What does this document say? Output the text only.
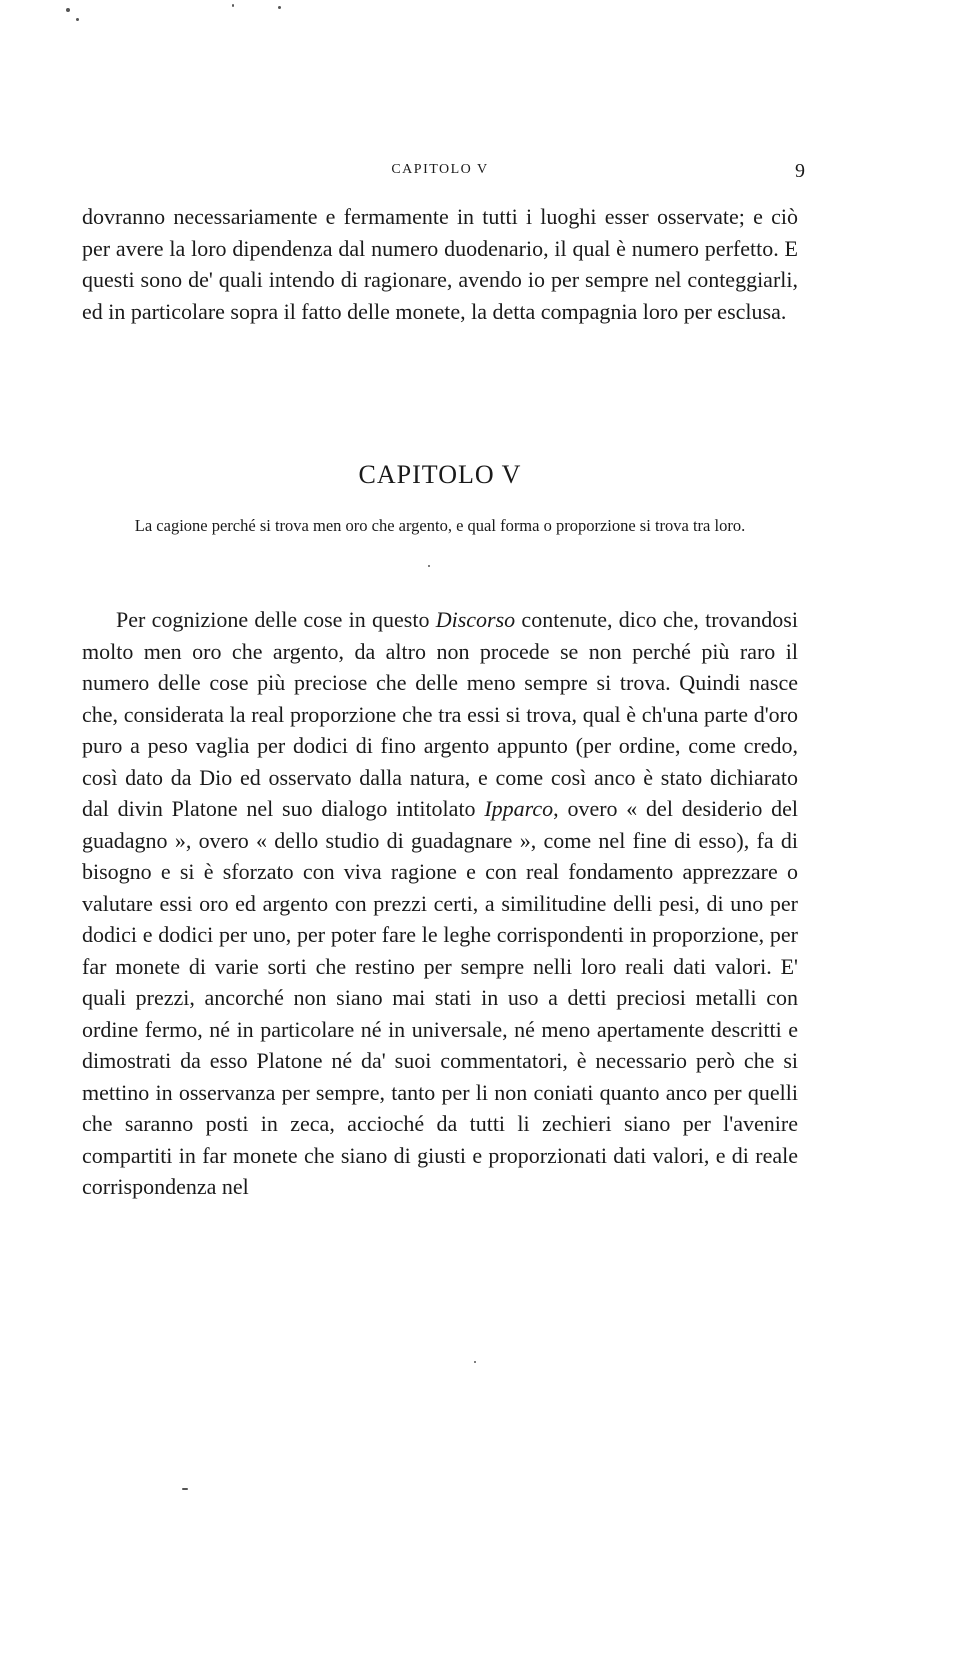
CAPITOLO V	9

dovranno necessariamente e fermamente in tutti i luoghi esser osservate; e ciò per avere la loro dipendenza dal numero duodenario, il qual è numero perfetto. E questi sono de' quali intendo di ragionare, avendo io per sempre nel conteggiarli, ed in particolare sopra il fatto delle monete, la detta compagnia loro per esclusa.

CAPITOLO V
La cagione perché si trova men oro che argento, e qual forma o proporzione si trova tra loro.

Per cognizione delle cose in questo Discorso contenute, dico che, trovandosi molto men oro che argento, da altro non procede se non perché più raro il numero delle cose più preciose che delle meno sempre si trova. Quindi nasce che, considerata la real proporzione che tra essi si trova, qual è ch'una parte d'oro puro a peso vaglia per dodici di fino argento appunto (per ordine, come credo, così dato da Dio ed osservato dalla natura, e come così anco è stato dichiarato dal divin Platone nel suo dialogo intitolato Ipparco, overo « del desiderio del guadagno », overo « dello studio di guadagnare », come nel fine di esso), fa di bisogno e si è sforzato con viva ragione e con real fondamento apprezzare o valutare essi oro ed argento con prezzi certi, a similitudine delli pesi, di uno per dodici e dodici per uno, per poter fare le leghe corrispondenti in proporzione, per far monete di varie sorti che restino per sempre nelli loro reali dati valori. E' quali prezzi, ancorché non siano mai stati in uso a detti preciosi metalli con ordine fermo, né in particolare né in universale, né meno apertamente descritti e dimostrati da esso Platone né da' suoi commentatori, è necessario però che si mettino in osservanza per sempre, tanto per li non coniati quanto anco per quelli che saranno posti in zeca, accioché da tutti li zechieri siano per l'avenire compartiti in far monete che siano di giusti e proporzionati dati valori, e di reale corrispondenza nel
